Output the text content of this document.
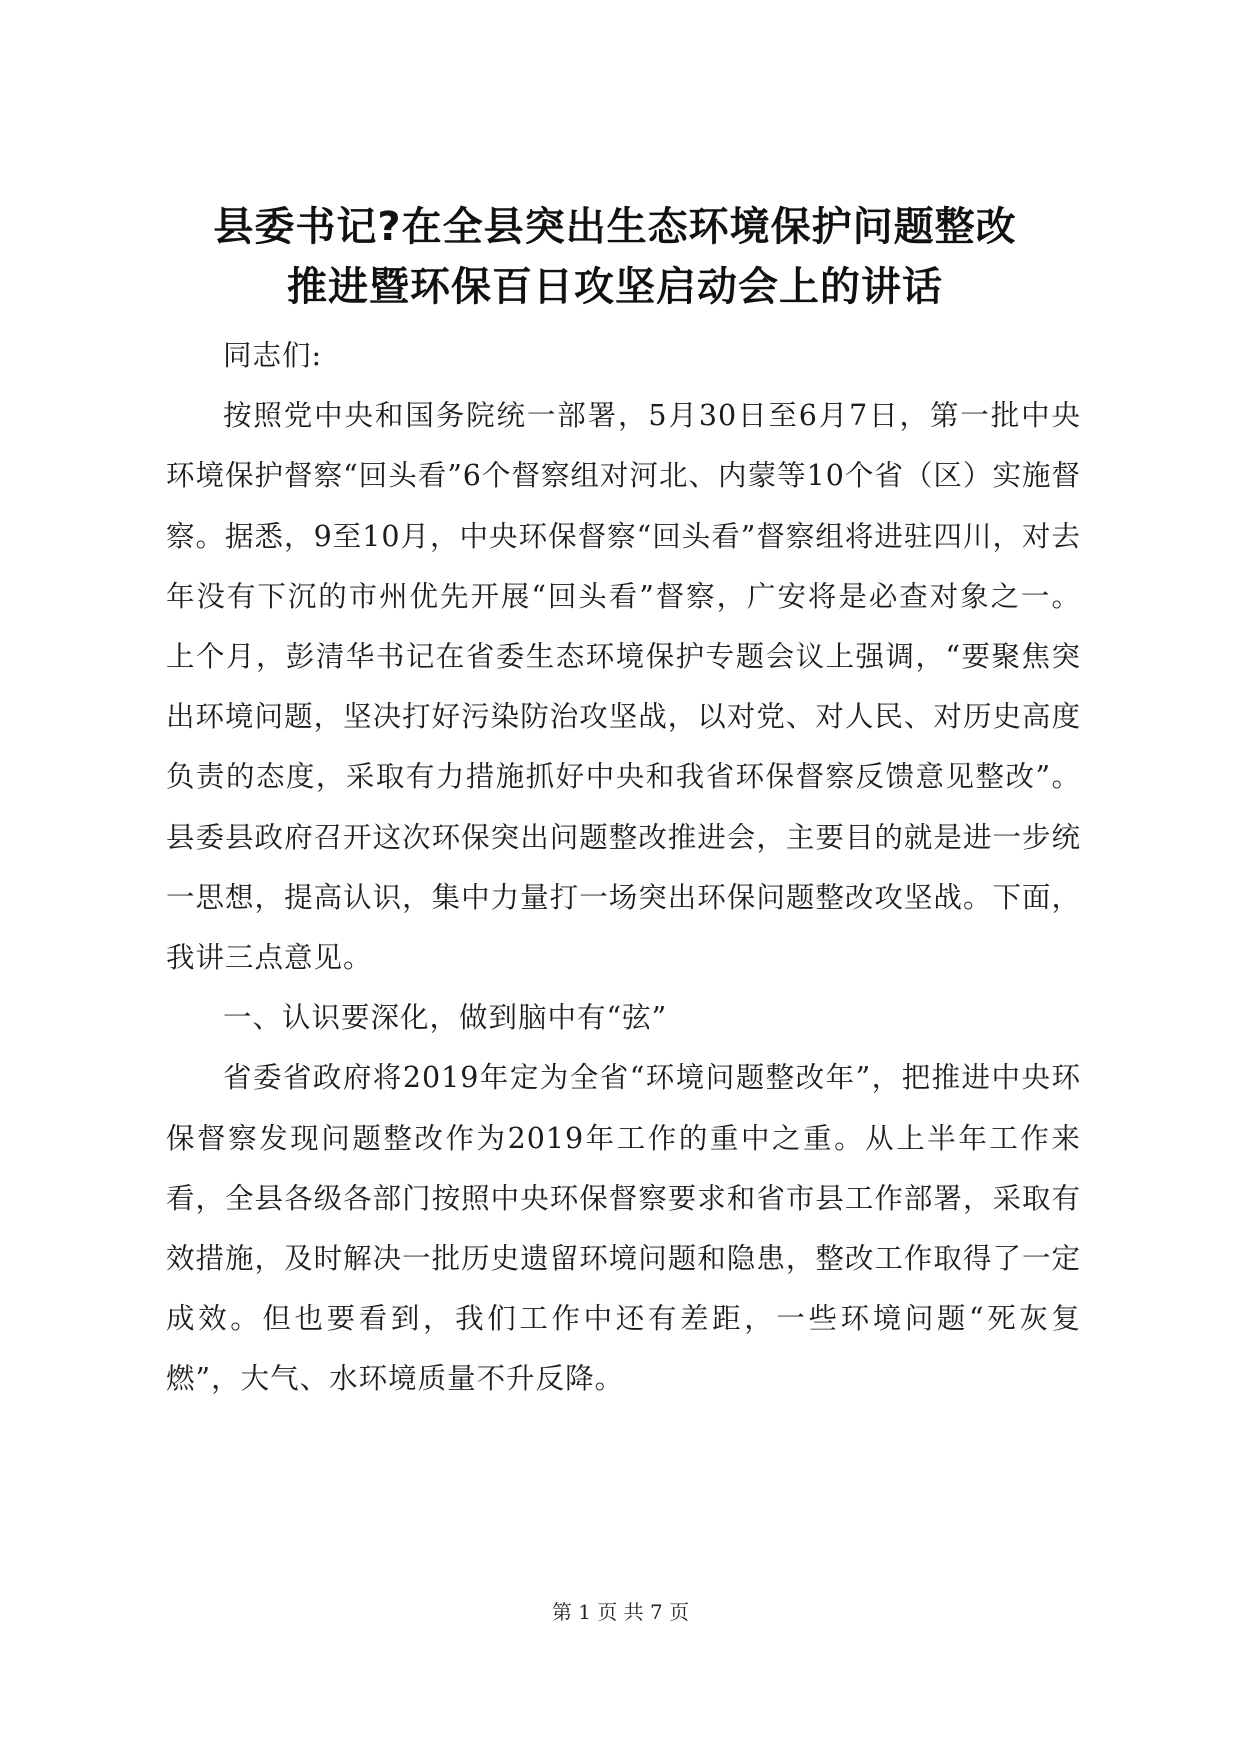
县委书记?在全县突出生态环境保护问题整改
推进暨环保百日攻坚启动会上的讲话

同志们:

按照党中央和国务院统一部署，5月30日至6月7日，第一批中央环境保护督察“回头看”6个督察组对河北、内蒙等10个省（区）实施督察。据悉，9至10月，中央环保督察“回头看”督察组将进驻四川，对去年没有下沉的市州优先开展“回头看”督察，广安将是必查对象之一。上个月，彭清华书记在省委生态环境保护专题会议上强调，“要聚焦突出环境问题，坚决打好污染防治攻坚战，以对党、对人民、对历史高度负责的态度，采取有力措施抓好中央和我省环保督察反馈意见整改”。县委县政府召开这次环保突出问题整改推进会，主要目的就是进一步统一思想，提高认识，集中力量打一场突出环保问题整改攻坚战。下面，我讲三点意见。

一、认识要深化，做到脑中有“弦”

省委省政府将2019年定为全省“环境问题整改年”，把推进中央环保督察发现问题整改作为2019年工作的重中之重。从上半年工作来看，全县各级各部门按照中央环保督察要求和省市县工作部署，采取有效措施，及时解决一批历史遗留环境问题和隐患，整改工作取得了一定成效。但也要看到，我们工作中还有差距，一些环境问题“死灰复燃”，大气、水环境质量不升反降。

第 1 页 共 7 页
